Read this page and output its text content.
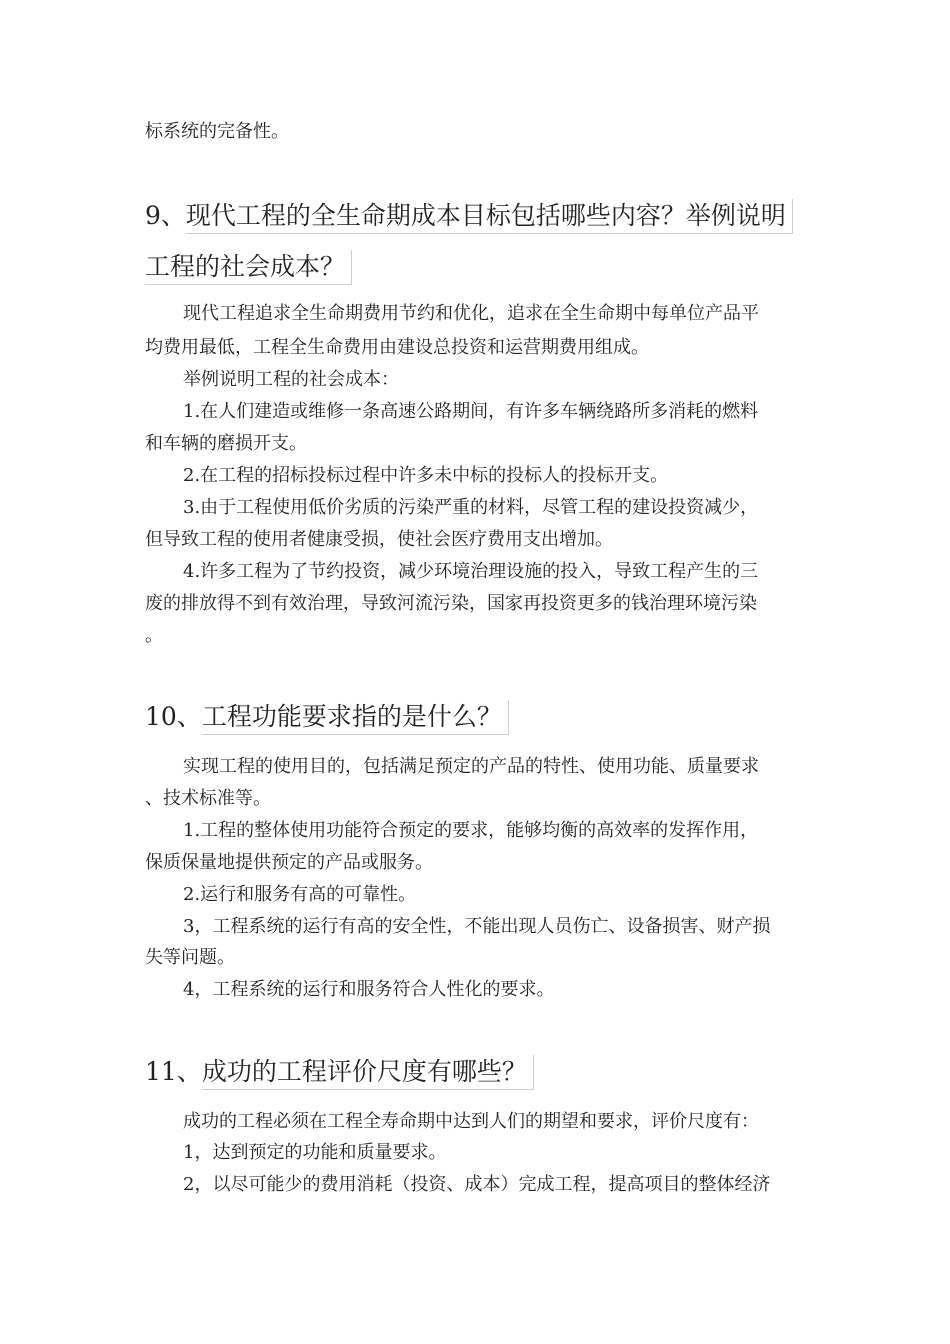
标系统的完备性。
9、现代工程的全生命期成本目标包括哪些内容？举例说明
工程的社会成本？
现代工程追求全生命期费用节约和优化，追求在全生命期中每单位产品平
均费用最低，工程全生命费用由建设总投资和运营期费用组成。
举例说明工程的社会成本：
1.在人们建造或维修一条高速公路期间，有许多车辆绕路所多消耗的燃料
和车辆的磨损开支。
2.在工程的招标投标过程中许多未中标的投标人的投标开支。
3.由于工程使用低价劣质的污染严重的材料，尽管工程的建设投资减少，
但导致工程的使用者健康受损，使社会医疗费用支出增加。
4.许多工程为了节约投资，减少环境治理设施的投入，导致工程产生的三
废的排放得不到有效治理，导致河流污染，国家再投资更多的钱治理环境污染
。
10、工程功能要求指的是什么？
实现工程的使用目的，包括满足预定的产品的特性、使用功能、质量要求
、技术标准等。
1.工程的整体使用功能符合预定的要求，能够均衡的高效率的发挥作用，
保质保量地提供预定的产品或服务。
2.运行和服务有高的可靠性。
3，工程系统的运行有高的安全性，不能出现人员伤亡、设备损害、财产损
失等问题。
4，工程系统的运行和服务符合人性化的要求。
11、成功的工程评价尺度有哪些？
成功的工程必须在工程全寿命期中达到人们的期望和要求，评价尺度有：
1，达到预定的功能和质量要求。
2，以尽可能少的费用消耗（投资、成本）完成工程，提高项目的整体经济
